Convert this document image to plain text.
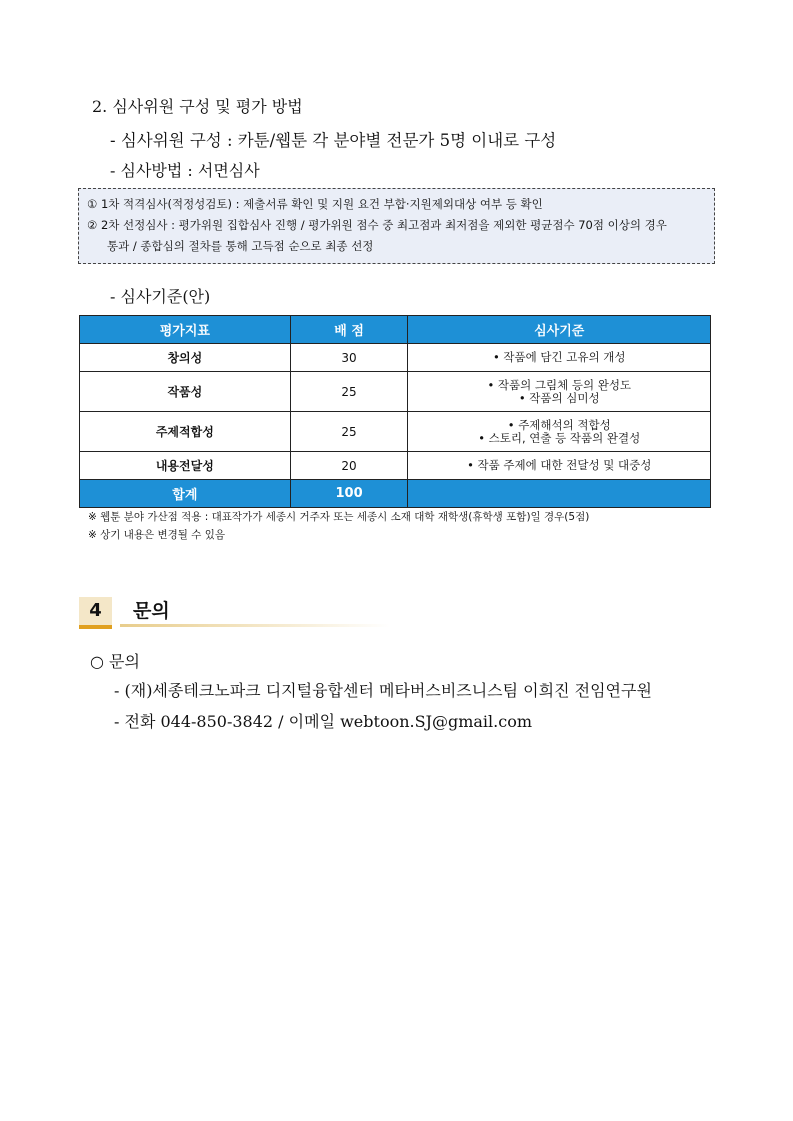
2. 심사위원 구성 및 평가 방법
- 심사위원 구성 : 카툰/웹툰 각 분야별 전문가 5명 이내로 구성
- 심사방법 : 서면심사
① 1차 적격심사(적정성검토) : 제출서류 확인 및 지원 요건 부합·지원제외대상 여부 등 확인
② 2차 선정심사 : 평가위원 집합심사 진행 / 평가위원 점수 중 최고점과 최저점을 제외한 평균점수 70점 이상의 경우
통과 / 종합심의 절차를 통해 고득점 순으로 최종 선정
- 심사기준(안)
평가지표	배 점	심사기준
창의성	30	• 작품에 담긴 고유의 개성

작품성	25	• 작품의 그림체 등의 완성도
• 작품의 심미성

주제적합성	25	• 주제해석의 적합성
• 스토리, 연출 등 작품의 완결성

내용전달성	20	• 작품 주제에 대한 전달성 및 대중성

합계	100	
※ 웹툰 분야 가산점 적용 : 대표작가가 세종시 거주자 또는 세종시 소재 대학 재학생(휴학생 포함)일 경우(5점)
※ 상기 내용은 변경될 수 있음
4	문의
○ 문의
- (재)세종테크노파크 디지털융합센터 메타버스비즈니스팀 이희진 전임연구원
- 전화 044-850-3842 / 이메일 webtoon.SJ@gmail.com
